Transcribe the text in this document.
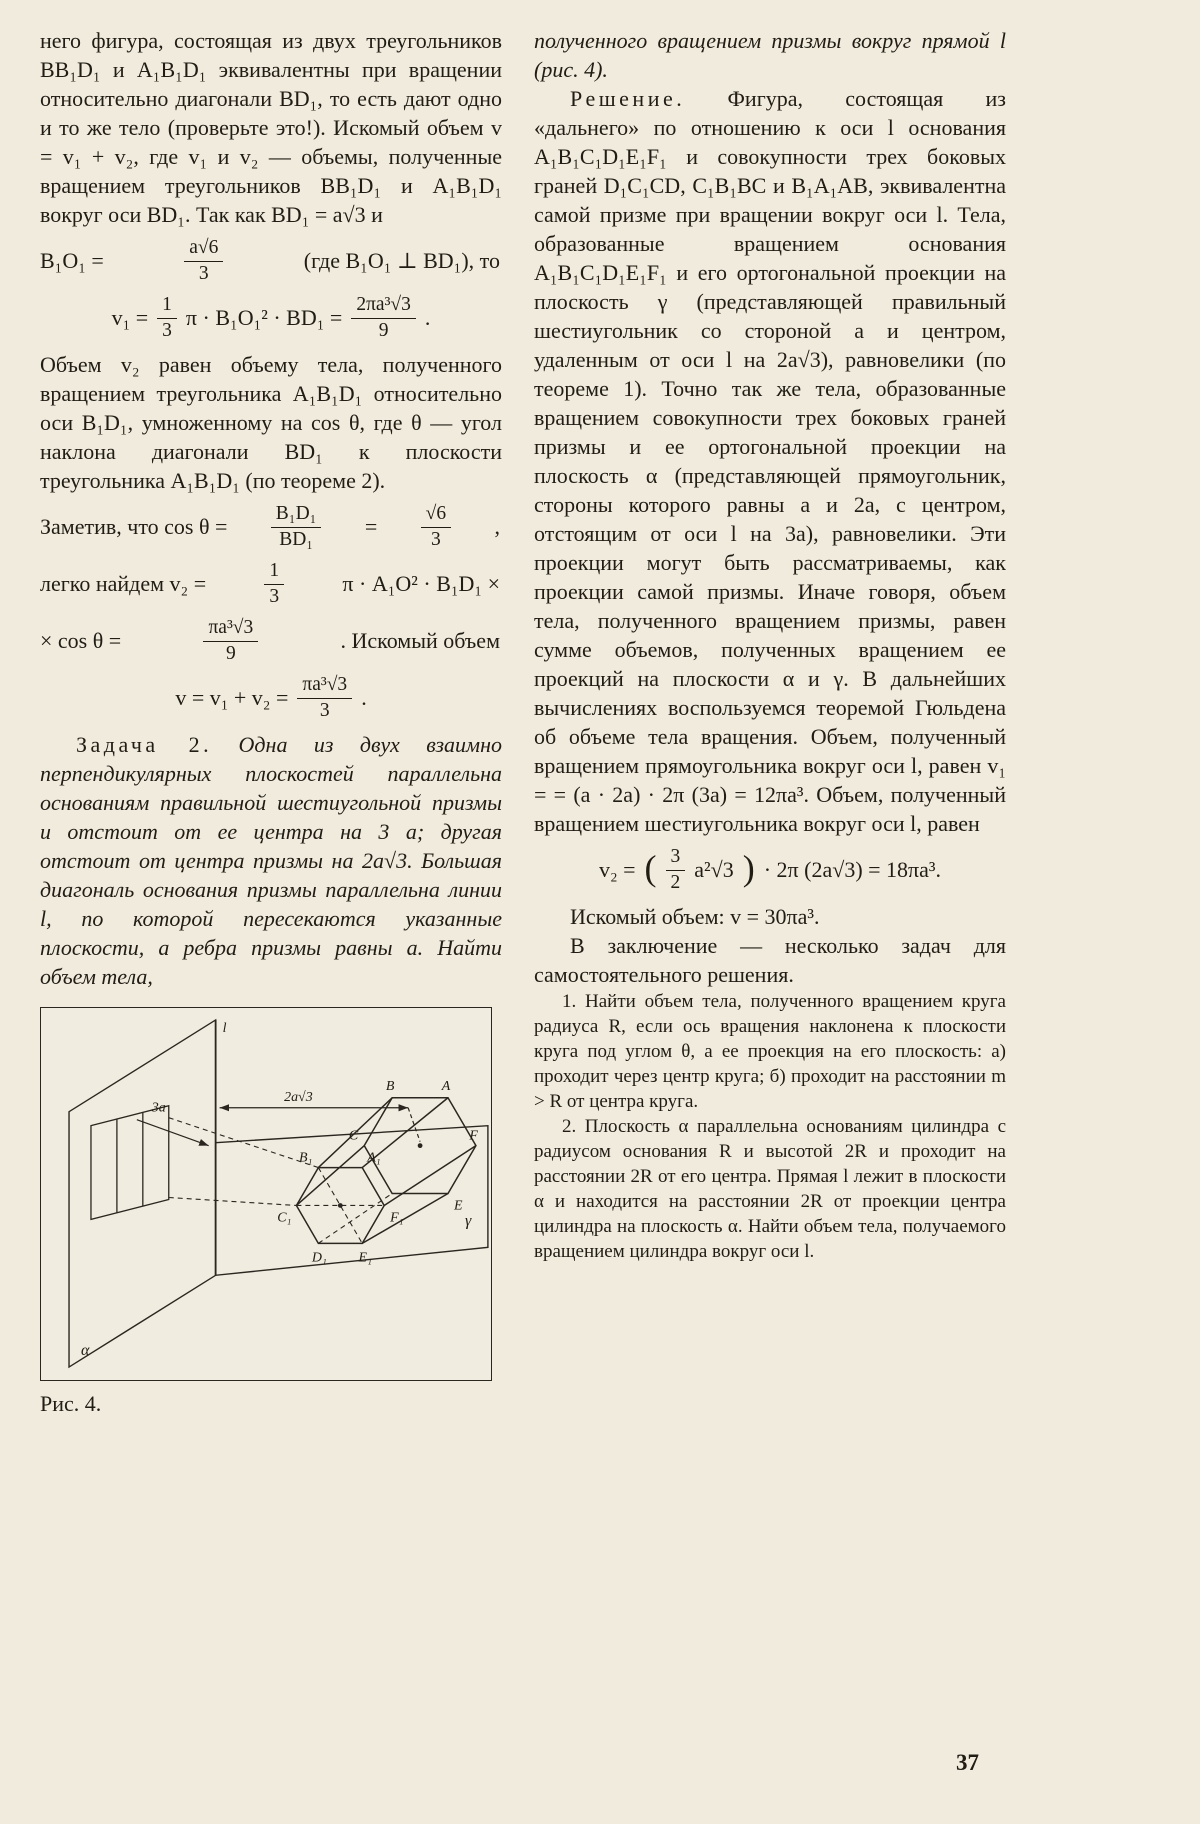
него фигура, состоящая из двух треугольников BB₁D₁ и A₁B₁D₁ эквивалентны при вращении относительно диагонали BD₁, то есть дают одно и то же тело (проверьте это!). Искомый объем v = v₁ + v₂, где v₁ и v₂ — объемы, полученные вращением треугольников BB₁D₁ и A₁B₁D₁ вокруг оси BD₁. Так как BD₁ = a√3 и

B₁O₁ =	$\frac{a√6}{3}$	(где B₁O₁ ⊥ BD₁), то
$v_1 = \frac{1}{3}$ $\pi \cdot B_1O_1^2 \cdot BD_1 = \frac{\text{2πa³√3}}{9}$ .

Объем v₂ равен объему тела, полученного вращением треугольника A₁B₁D₁ относительно оси B₁D₁, умноженному на cos θ, где θ — угол наклона диагонали BD₁ к плоскости треугольника A₁B₁D₁ (по теореме 2).

Заметив, что $\cos \theta = \frac{\text{B₁D₁}}{\text{BD₁}} = \frac{√6}{3}$ ,
легко найдем v₂ =	$\frac{1}{3}$	π · A₁O² · B₁D₁ ×
× cos θ =	$\frac{\text{πa³√3}}{9}$	. Искомый объем
$v = v_1 + v_2 = \frac{\text{πa³√3}}{3}$ .

Задача 2. Одна из двух взаимно перпендикулярных плоскостей параллельна основаниям правильной шестиугольной призмы и отстоит от ее центра на 3 a; другая отстоит от центра призмы на 2a√3. Большая диагональ основания призмы параллельна линии l, по которой пересекаются указанные плоскости, а ребра призмы равны a. Найти объем тела,

l
2a√3
3a
α
γ
A
B
C
E
F
A₁
B₁
C₁
D₁ E₁
F₁
Рис. 4.

полученного вращением призмы вокруг прямой l (рис. 4).

Решение. Фигура, состоящая из «дальнего» по отношению к оси l основания A₁B₁C₁D₁E₁F₁ и совокупности трех боковых граней D₁C₁CD, C₁B₁BC и B₁A₁AB, эквивалентна самой призме при вращении вокруг оси l. Тела, образованные вращением основания A₁B₁C₁D₁E₁F₁ и его ортогональной проекции на плоскость γ (представляющей правильный шестиугольник со стороной a и центром, удаленным от оси l на 2a√3), равновелики (по теореме 1). Точно так же тела, образованные вращением совокупности трех боковых граней призмы и ее ортогональной проекции на плоскость α (представляющей прямоугольник, стороны которого равны a и 2a, с центром, отстоящим от оси l на 3a), равновелики. Эти проекции могут быть рассматриваемы, как проекции самой призмы. Иначе говоря, объем тела, полученного вращением призмы, равен сумме объемов, полученных вращением ее проекций на плоскости α и γ. В дальнейших вычислениях воспользуемся теоремой Гюльдена об объеме тела вращения. Объем, полученный вращением прямоугольника вокруг оси l, равен v₁ = = (a · 2a) · 2π (3a) = 12πa³. Объем, полученный вращением шестиугольника вокруг оси l, равен

v₂ = ( $\frac{3}{2} a^2√3$ ) · 2π (2a√3) = 18πa³.

Искомый объем: v = 30πa³.

В заключение — несколько задач для самостоятельного решения.

1. Найти объем тела, полученного вращением круга радиуса R, если ось вращения наклонена к плоскости круга под углом θ, а ее проекция на его плоскость: а) проходит через центр круга; б) проходит на расстоянии m > R от центра круга.

2. Плоскость α параллельна основаниям цилиндра с радиусом основания R и высотой 2R и проходит на расстоянии 2R от его центра. Прямая l лежит в плоскости α и находится на расстоянии 2R от проекции центра цилиндра на плоскость α. Найти объем тела, получаемого вращением цилиндра вокруг оси l.

37
